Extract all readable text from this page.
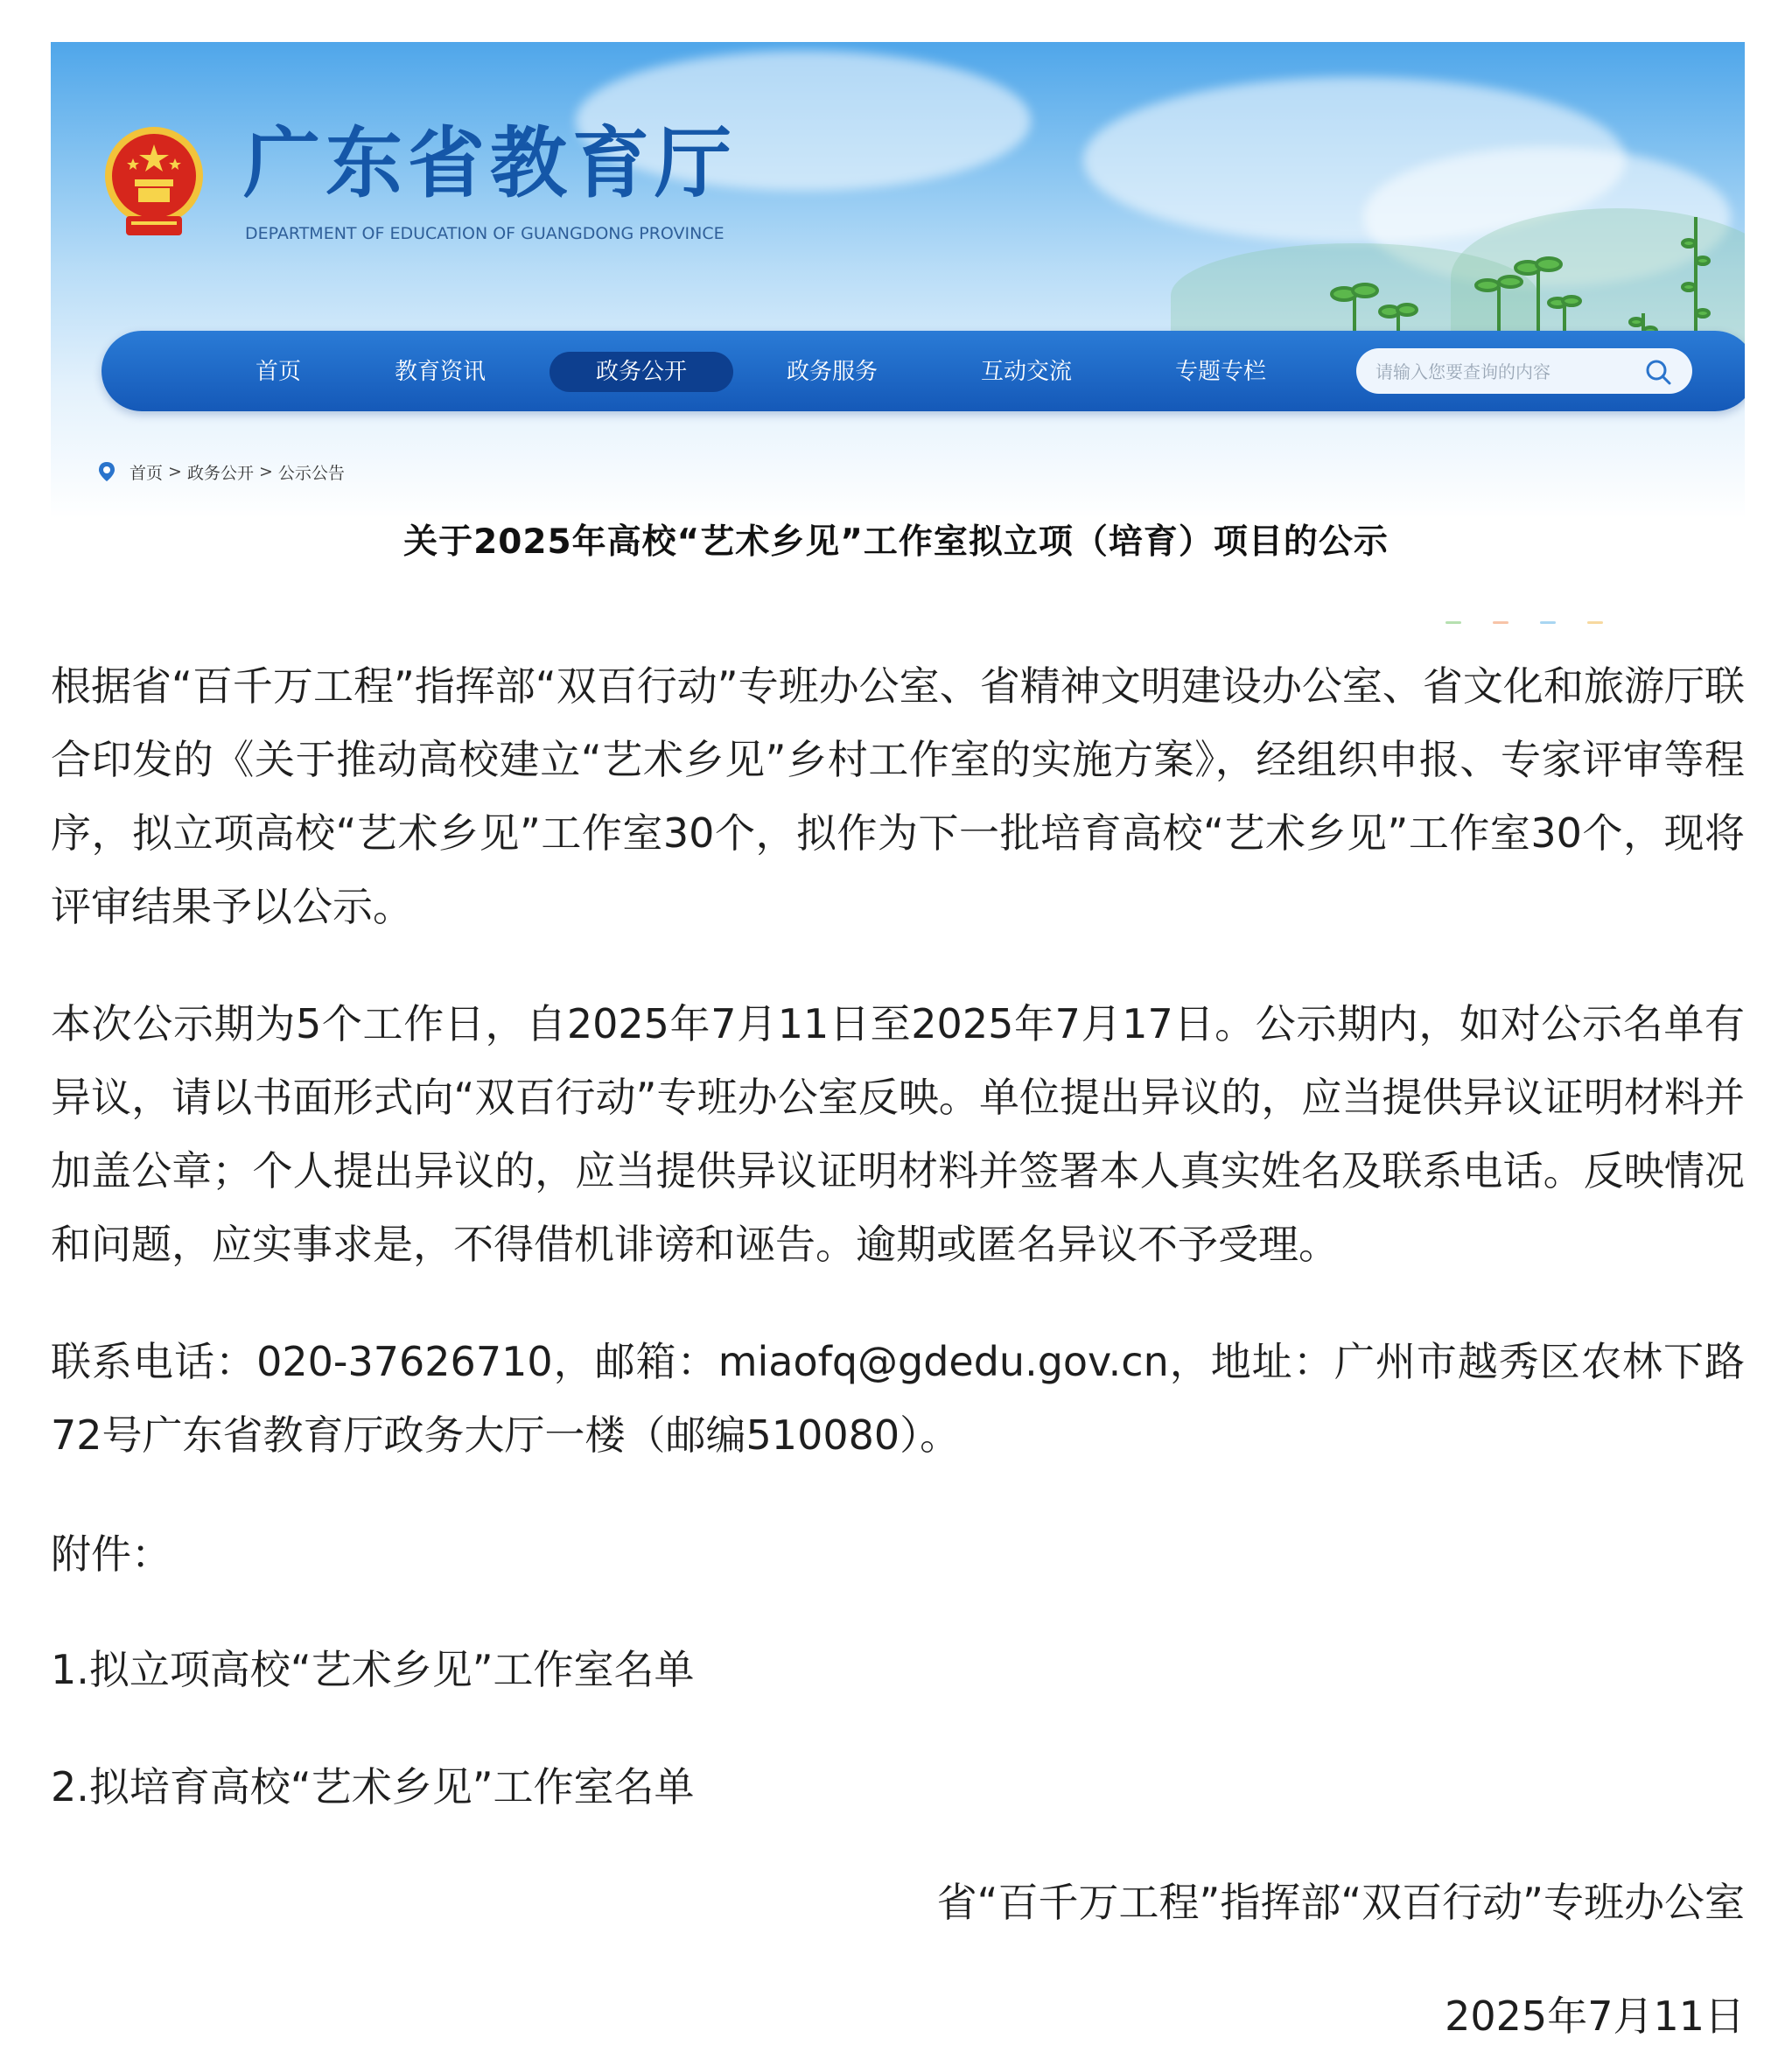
广东省教育厅
DEPARTMENT OF EDUCATION OF GUANGDONG PROVINCE
首页	教育资讯	政务公开	政务服务	互动交流	专题专栏
请输入您要查询的内容
首页 > 政务公开 > 公示公告
关于2025年高校“艺术乡见”工作室拟立项（培育）项目的公示

根据省“百千万工程”指挥部“双百行动”专班办公室、省精神文明建设办公室、省文化和旅游厅联合印发的《关于推动高校建立“艺术乡见”乡村工作室的实施方案》，经组织申报、专家评审等程序，拟立项高校“艺术乡见”工作室30个，拟作为下一批培育高校“艺术乡见”工作室30个，现将评审结果予以公示。

本次公示期为5个工作日，自2025年7月11日至2025年7月17日。公示期内，如对公示名单有异议，请以书面形式向“双百行动”专班办公室反映。单位提出异议的，应当提供异议证明材料并加盖公章；个人提出异议的，应当提供异议证明材料并签署本人真实姓名及联系电话。反映情况和问题，应实事求是，不得借机诽谤和诬告。逾期或匿名异议不予受理。

联系电话：020-37626710，邮箱：miaofq@gdedu.gov.cn，地址：广州市越秀区农林下路72号广东省教育厅政务大厅一楼（邮编510080）。

附件：
1.拟立项高校“艺术乡见”工作室名单
2.拟培育高校“艺术乡见”工作室名单
省“百千万工程”指挥部“双百行动”专班办公室
2025年7月11日
